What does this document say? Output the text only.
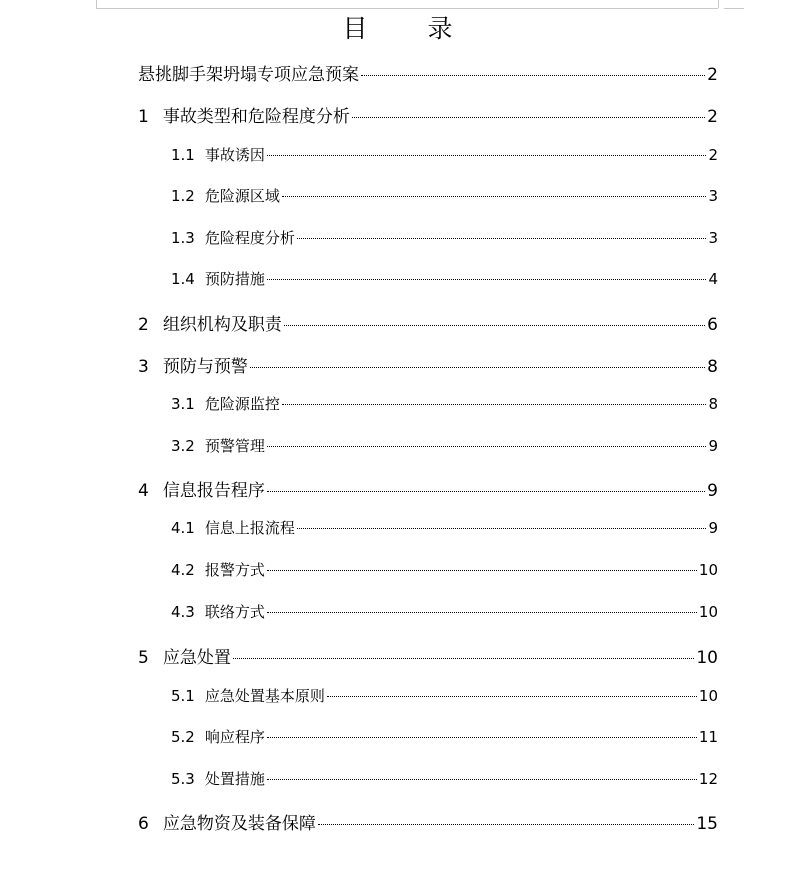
目 录
悬挑脚手架坍塌专项应急预案	2
1 事故类型和危险程度分析	2
1.1 事故诱因	2
1.2 危险源区域	3
1.3 危险程度分析	3
1.4 预防措施	4
2 组织机构及职责	6
3 预防与预警	8
3.1 危险源监控	8
3.2 预警管理	9
4 信息报告程序	9
4.1 信息上报流程	9
4.2 报警方式	10
4.3 联络方式	10
5 应急处置	10
5.1 应急处置基本原则	10
5.2 响应程序	11
5.3 处置措施	12
6 应急物资及装备保障	15
